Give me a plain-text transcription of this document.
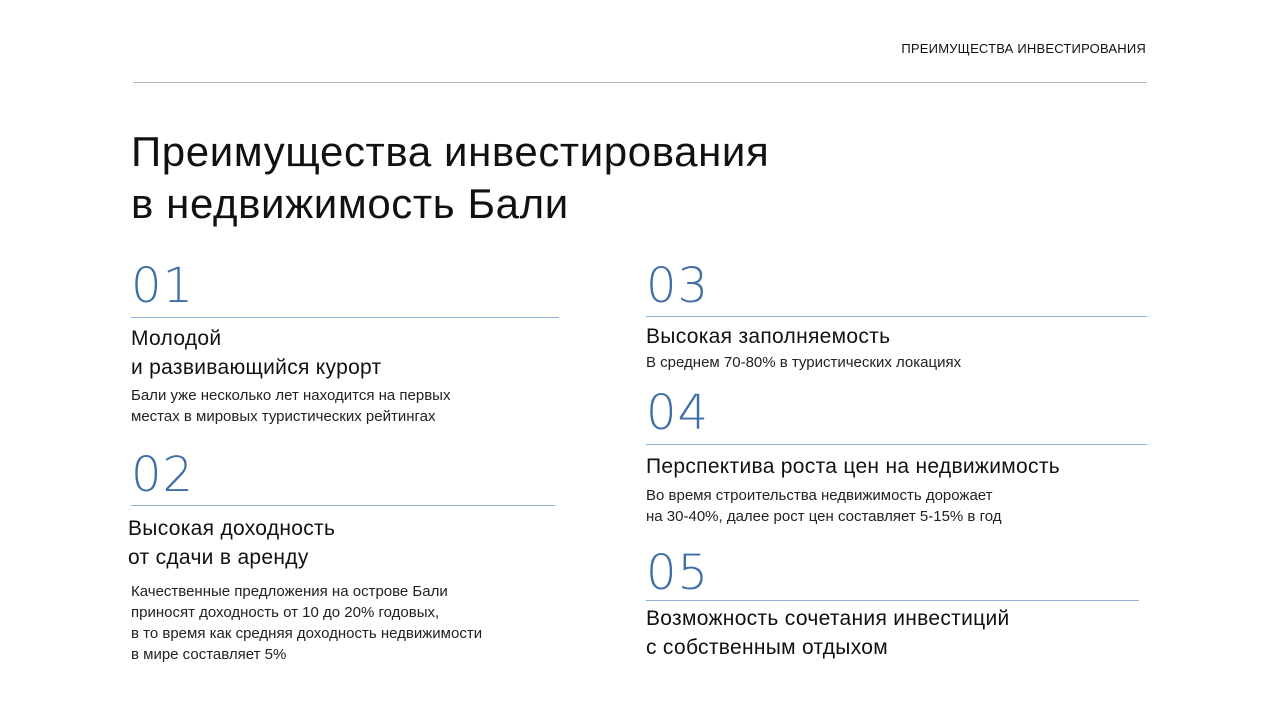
ПРЕИМУЩЕСТВА ИНВЕСТИРОВАНИЯ
Преимущества инвестирования
в недвижимость Бали
01
Молодой
и развивающийся курорт
Бали уже несколько лет находится на первых
местах в мировых туристических рейтингах
02
Высокая доходность
от сдачи в аренду
Качественные предложения на острове Бали
приносят доходность от 10 до 20% годовых,
в то время как средняя доходность недвижимости
в мире составляет 5%
03
Высокая заполняемость
В среднем 70-80% в туристических локациях
04
Перспектива роста цен на недвижимость
Во время строительства недвижимость дорожает
на 30-40%, далее рост цен составляет 5-15% в год
05
Возможность сочетания инвестиций
с собственным отдыхом
